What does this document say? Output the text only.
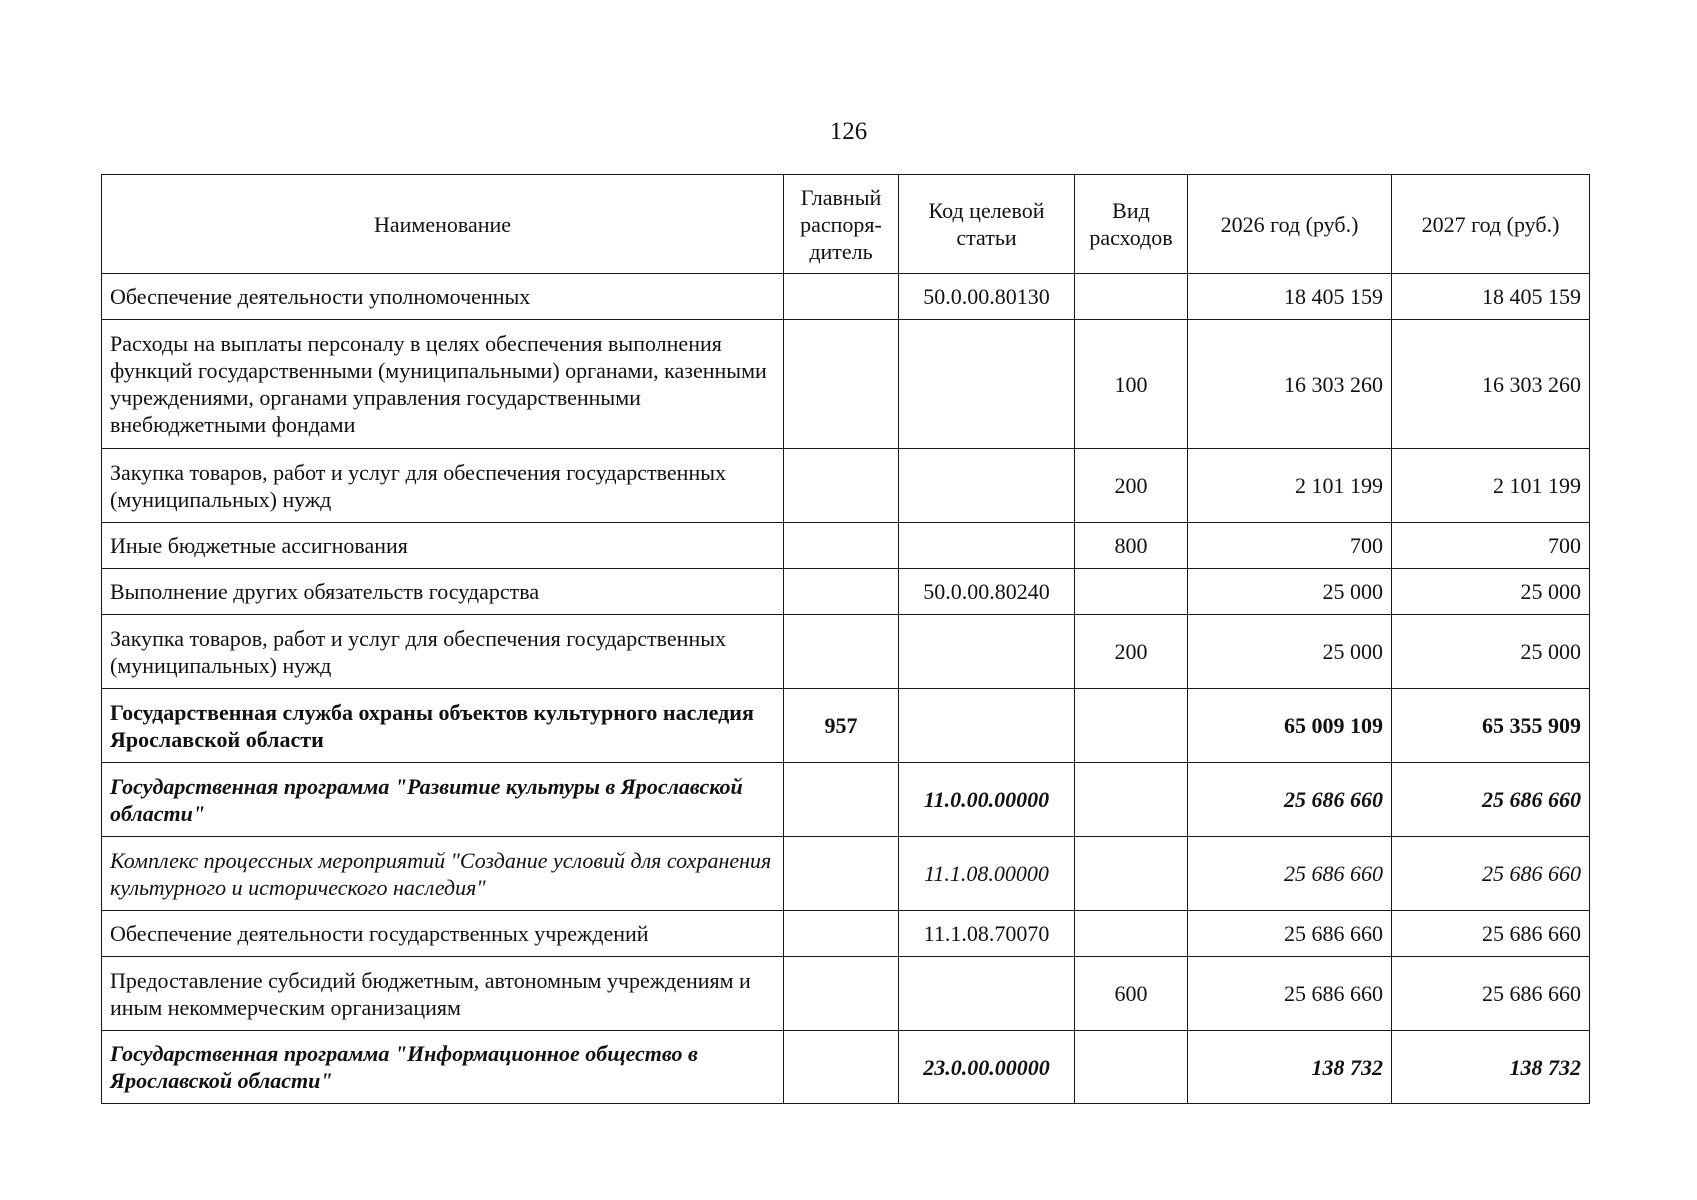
126
Наименование	Главный распоря-дитель	Код целевой статьи	Вид расходов	2026 год (руб.)	2027 год (руб.)
Обеспечение деятельности уполномоченных		50.0.00.80130		18 405 159	18 405 159
Расходы на выплаты персоналу в целях обеспечения выполнения функций государственными (муниципальными) органами, казенными учреждениями, органами управления государственными внебюджетными фондами			100	16 303 260	16 303 260
Закупка товаров, работ и услуг для обеспечения государственных (муниципальных) нужд			200	2 101 199	2 101 199
Иные бюджетные ассигнования			800	700	700
Выполнение других обязательств государства		50.0.00.80240		25 000	25 000
Закупка товаров, работ и услуг для обеспечения государственных (муниципальных) нужд			200	25 000	25 000
Государственная служба охраны объектов культурного наследия Ярославской области	957			65 009 109	65 355 909
Государственная программа "Развитие культуры в Ярославской области"		11.0.00.00000		25 686 660	25 686 660
Комплекс процессных мероприятий "Создание условий для сохранения культурного и исторического наследия"		11.1.08.00000		25 686 660	25 686 660
Обеспечение деятельности государственных учреждений		11.1.08.70070		25 686 660	25 686 660
Предоставление субсидий бюджетным, автономным учреждениям и иным некоммерческим организациям			600	25 686 660	25 686 660
Государственная программа "Информационное общество в Ярославской области"		23.0.00.00000		138 732	138 732
